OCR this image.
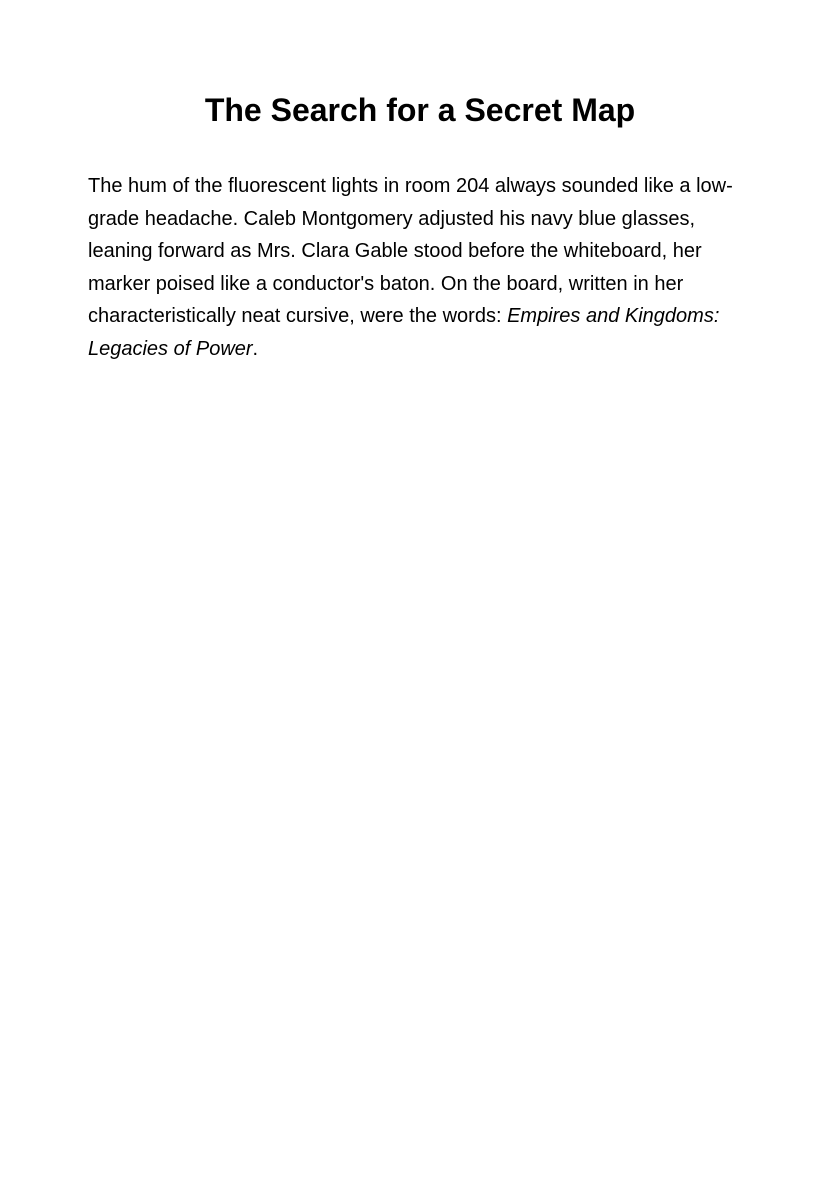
The Search for a Secret Map

The hum of the fluorescent lights in room 204 always sounded like a low-grade headache. Caleb Montgomery adjusted his navy blue glasses, leaning forward as Mrs. Clara Gable stood before the whiteboard, her marker poised like a conductor's baton. On the board, written in her characteristically neat cursive, were the words: Empires and Kingdoms: Legacies of Power.
